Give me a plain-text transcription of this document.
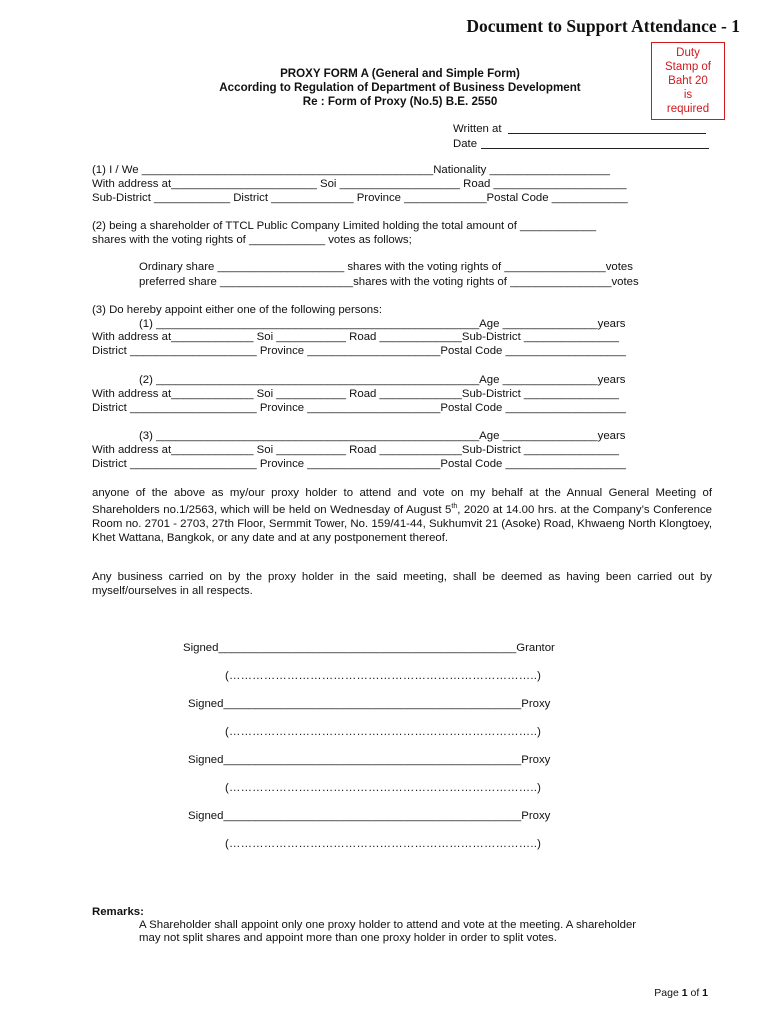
Document to Support Attendance - 1
Duty
Stamp of
Baht 20
is
required
PROXY FORM A (General and Simple Form)
According to Regulation of Department of Business Development
Re : Form of Proxy (No.5) B.E. 2550
Written at
Date
(1) I / We ______________________________________________Nationality ___________________
With address at_______________________ Soi ___________________ Road _____________________
Sub-District ____________ District _____________ Province _____________Postal Code ____________
(2) being a shareholder of TTCL Public Company Limited holding the total amount of ____________
shares with the voting rights of ____________ votes as follows;
Ordinary share ____________________ shares with the voting rights of ________________votes
preferred share _____________________shares with the voting rights of ________________votes
(3) Do hereby appoint either one of the following persons:
(1) ___________________________________________________Age _______________years
With address at_____________ Soi ___________ Road _____________Sub-District _______________
District ____________________ Province _____________________Postal Code ___________________
(2) ___________________________________________________Age _______________years
With address at_____________ Soi ___________ Road _____________Sub-District _______________
District ____________________ Province _____________________Postal Code ___________________
(3) ___________________________________________________Age _______________years
With address at_____________ Soi ___________ Road _____________Sub-District _______________
District ____________________ Province _____________________Postal Code ___________________
anyone of the above as my/our proxy holder to attend and vote on my behalf at the Annual General Meeting of Shareholders no.1/2563, which will be held on Wednesday of August 5th, 2020 at 14.00 hrs. at the Company’s Conference Room no. 2701 - 2703, 27th Floor, Sermmit Tower, No. 159/41-44, Sukhumvit 21 (Asoke) Road, Khwaeng North Klongtoey, Khet Wattana, Bangkok, or any date and at any postponement thereof.
Any business carried on by the proxy holder in the said meeting, shall be deemed as having been carried out by myself/ourselves in all respects.
Signed_______________________________________________Grantor
(……………………………………………………………………..)
Signed_______________________________________________Proxy
(……………………………………………………………………..)
Signed_______________________________________________Proxy
(……………………………………………………………………..)
Signed_______________________________________________Proxy
(……………………………………………………………………..)
Remarks:
A Shareholder shall appoint only one proxy holder to attend and vote at the meeting. A shareholder
may not split shares and appoint more than one proxy holder in order to split votes.
Page 1 of 1
